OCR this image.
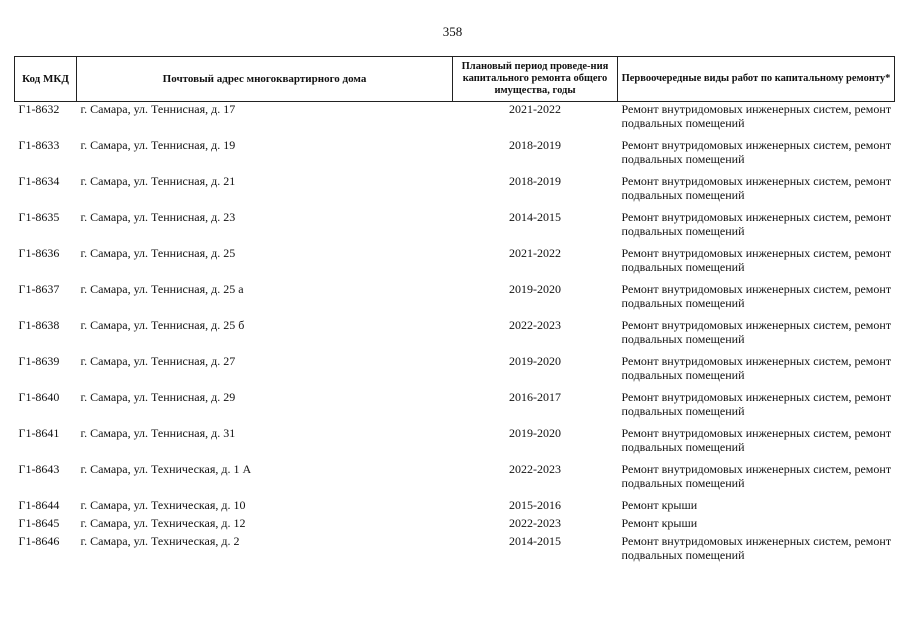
358
Код МКД	Почтовый адрес многоквартирного дома	Плановый период проведе-ния капитального ремонта общего имущества, годы	Первоочередные виды работ по капитальному ремонту*
Г1-8632	г. Самара, ул. Теннисная, д. 17	2021-2022	Ремонт внутридомовых инженерных систем, ремонт подвальных помещений
Г1-8633	г. Самара, ул. Теннисная, д. 19	2018-2019	Ремонт внутридомовых инженерных систем, ремонт подвальных помещений
Г1-8634	г. Самара, ул. Теннисная, д. 21	2018-2019	Ремонт внутридомовых инженерных систем, ремонт подвальных помещений
Г1-8635	г. Самара, ул. Теннисная, д. 23	2014-2015	Ремонт внутридомовых инженерных систем, ремонт подвальных помещений
Г1-8636	г. Самара, ул. Теннисная, д. 25	2021-2022	Ремонт внутридомовых инженерных систем, ремонт подвальных помещений
Г1-8637	г. Самара, ул. Теннисная, д. 25 а	2019-2020	Ремонт внутридомовых инженерных систем, ремонт подвальных помещений
Г1-8638	г. Самара, ул. Теннисная, д. 25 б	2022-2023	Ремонт внутридомовых инженерных систем, ремонт подвальных помещений
Г1-8639	г. Самара, ул. Теннисная, д. 27	2019-2020	Ремонт внутридомовых инженерных систем, ремонт подвальных помещений
Г1-8640	г. Самара, ул. Теннисная, д. 29	2016-2017	Ремонт внутридомовых инженерных систем, ремонт подвальных помещений
Г1-8641	г. Самара, ул. Теннисная, д. 31	2019-2020	Ремонт внутридомовых инженерных систем, ремонт подвальных помещений
Г1-8643	г. Самара, ул. Техническая, д. 1 А	2022-2023	Ремонт внутридомовых инженерных систем, ремонт подвальных помещений
Г1-8644	г. Самара, ул. Техническая, д. 10	2015-2016	Ремонт крыши
Г1-8645	г. Самара, ул. Техническая, д. 12	2022-2023	Ремонт крыши
Г1-8646	г. Самара, ул. Техническая, д. 2	2014-2015	Ремонт внутридомовых инженерных систем, ремонт подвальных помещений
